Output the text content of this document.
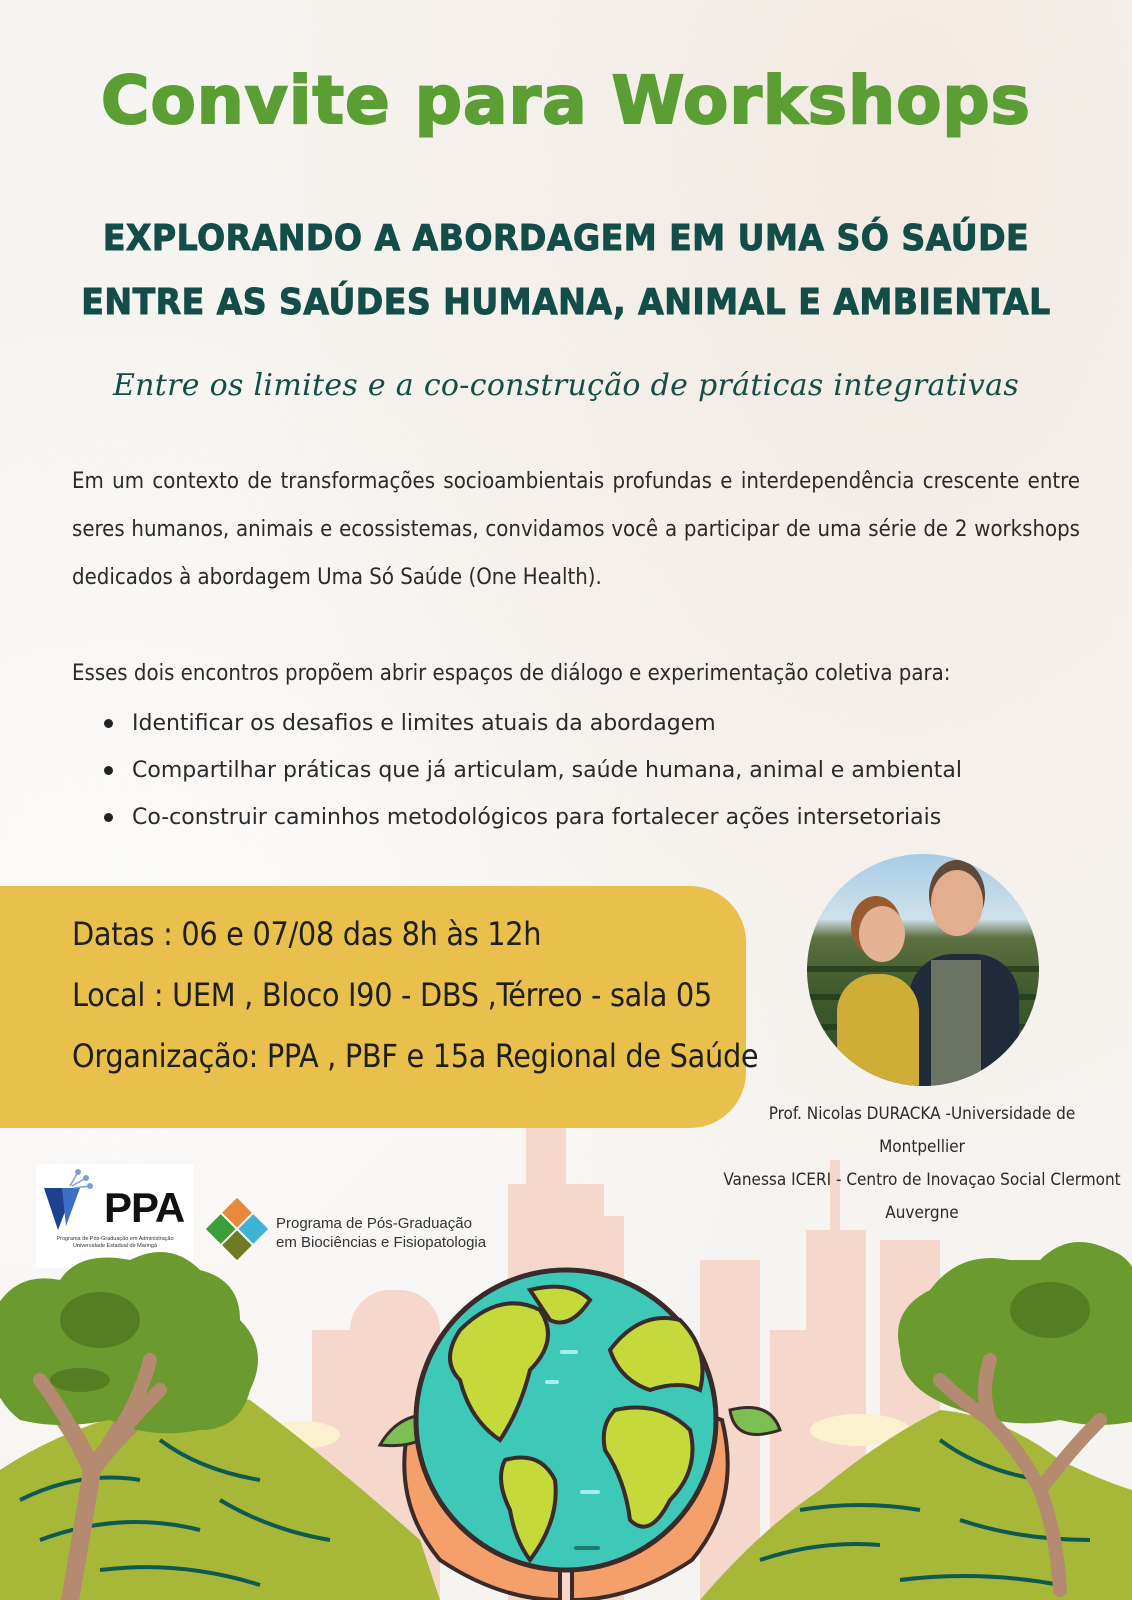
Convite para Workshops
EXPLORANDO A ABORDAGEM EM UMA SÓ SAÚDE
ENTRE AS SAÚDES HUMANA, ANIMAL E AMBIENTAL
Entre os limites e a co-construção de práticas integrativas

Em um contexto de transformações socioambientais profundas e interdependência crescente entre seres humanos, animais e ecossistemas, convidamos você a participar de uma série de 2 workshops dedicados à abordagem Uma Só Saúde (One Health).

Esses dois encontros propõem abrir espaços de diálogo e experimentação coletiva para:

Identificar os desafios e limites atuais da abordagem
Compartilhar práticas que já articulam, saúde humana, animal e ambiental
Co-construir caminhos metodológicos para fortalecer ações intersetoriais
Datas : 06 e 07/08 das 8h às 12h
Local : UEM , Bloco I90 - DBS ,Térreo - sala 05
Organização: PPA , PBF e 15a Regional de Saúde
Prof. Nicolas DURACKA -Universidade de
Montpellier
Vanessa ICERI - Centro de Inovaçao Social Clermont
Auvergne
PPA
Programa de Pós-Graduação em Administração
Universidade Estadual de Maringá
Programa de Pós-Graduação
em Biociências e Fisiopatologia
